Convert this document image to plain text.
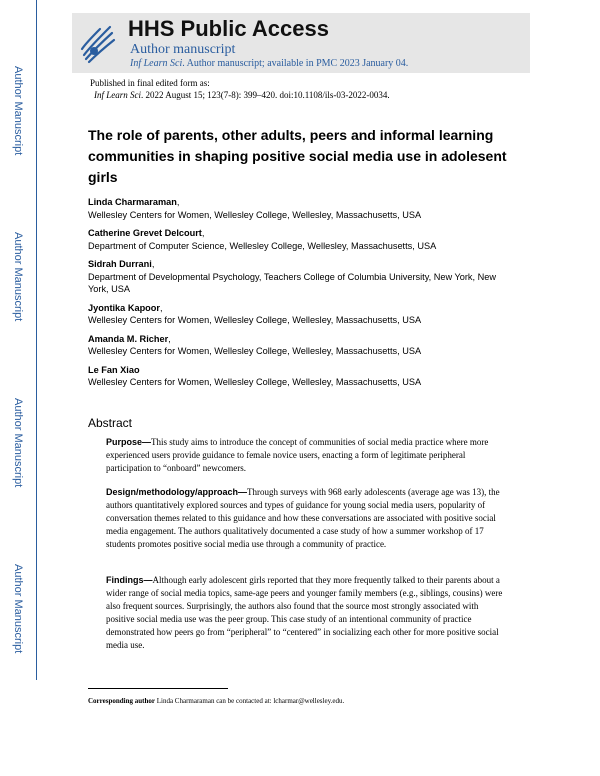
Author Manuscript
Author Manuscript
Author Manuscript
Author Manuscript
HHS Public Access
Author manuscript
Inf Learn Sci. Author manuscript; available in PMC 2023 January 04.
Published in final edited form as:
Inf Learn Sci. 2022 August 15; 123(7-8): 399–420. doi:10.1108/ils-03-2022-0034.
The role of parents, other adults, peers and informal learning communities in shaping positive social media use in adolesent girls
Linda Charmaraman,
Wellesley Centers for Women, Wellesley College, Wellesley, Massachusetts, USA
Catherine Grevet Delcourt,
Department of Computer Science, Wellesley College, Wellesley, Massachusetts, USA
Sidrah Durrani,
Department of Developmental Psychology, Teachers College of Columbia University, New York, New York, USA
Jyontika Kapoor,
Wellesley Centers for Women, Wellesley College, Wellesley, Massachusetts, USA
Amanda M. Richer,
Wellesley Centers for Women, Wellesley College, Wellesley, Massachusetts, USA
Le Fan Xiao
Wellesley Centers for Women, Wellesley College, Wellesley, Massachusetts, USA
Abstract
Purpose—This study aims to introduce the concept of communities of social media practice where more experienced users provide guidance to female novice users, enacting a form of legitimate peripheral participation to “onboard” newcomers.
Design/methodology/approach—Through surveys with 968 early adolescents (average age was 13), the authors quantitatively explored sources and types of guidance for young social media users, popularity of conversation themes related to this guidance and how these conversations are associated with positive social media engagement. The authors qualitatively documented a case study of how a summer workshop of 17 students promotes positive social media use through a community of practice.
Findings—Although early adolescent girls reported that they more frequently talked to their parents about a wider range of social media topics, same-age peers and younger family members (e.g., siblings, cousins) were also frequent sources. Surprisingly, the authors also found that the source most strongly associated with positive social media use was the peer group. This case study of an intentional community of practice demonstrated how peers go from “peripheral” to “centered” in socializing each other for more positive social media use.
Corresponding author Linda Charmaraman can be contacted at: lcharmar@wellesley.edu.
